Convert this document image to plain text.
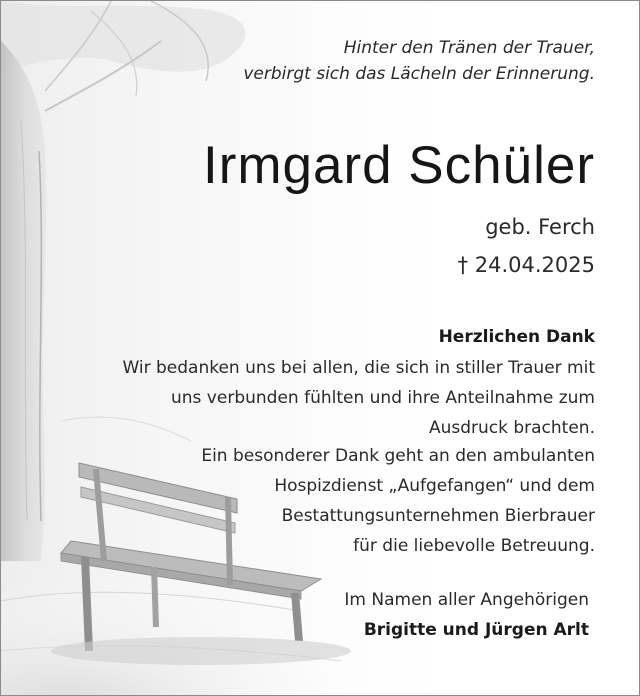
Hinter den Tränen der Trauer,
verbirgt sich das Lächeln der Erinnerung.
Irmgard Schüler
geb. Ferch
† 24.04.2025
Herzlichen Dank
Wir bedanken uns bei allen, die sich in stiller Trauer mit
uns verbunden fühlten und ihre Anteilnahme zum
Ausdruck brachten.
Ein besonderer Dank geht an den ambulanten
Hospizdienst „Aufgefangen“ und dem
Bestattungsunternehmen Bierbrauer
für die liebevolle Betreuung.
Im Namen aller Angehörigen
Brigitte und Jürgen Arlt
